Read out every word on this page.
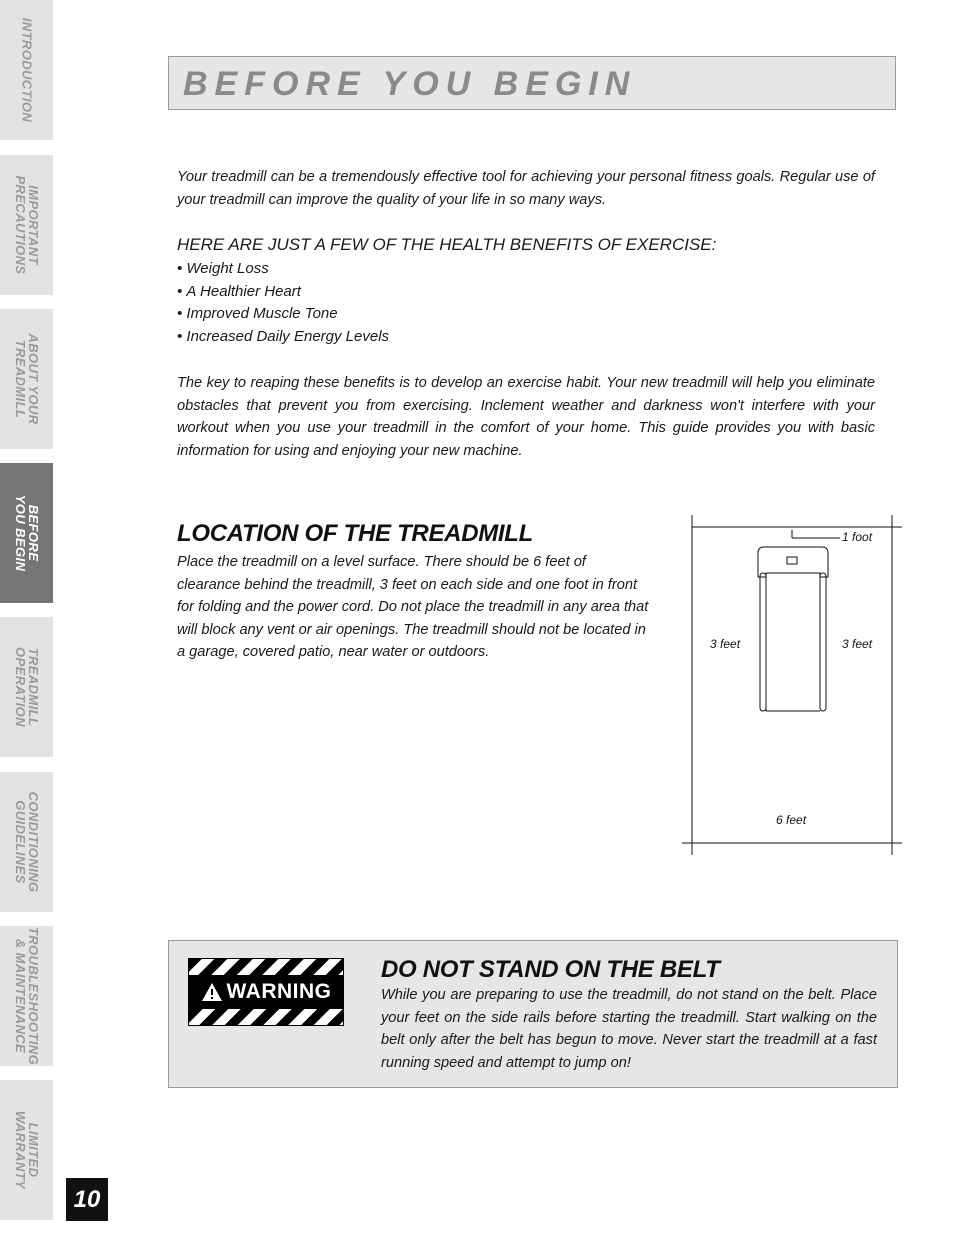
INTRODUCTION
IMPORTANT
PRECAUTIONS
ABOUT YOUR
TREADMILL
BEFORE
YOU BEGIN
TREADMILL
OPERATION
CONDITIONING
GUIDELINES
TROUBLESHOOTING
& MAINTENANCE
LIMITED
WARRANTY
10
BEFORE YOU BEGIN

Your treadmill can be a tremendously effective tool for achieving your personal fitness goals. Regular use of your treadmill can improve the quality of your life in so many ways.

HERE ARE JUST A FEW OF THE HEALTH BENEFITS OF EXERCISE:
• Weight Loss
• A Healthier Heart
• Improved Muscle Tone
• Increased Daily Energy Levels

The key to reaping these benefits is to develop an exercise habit. Your new treadmill will help you eliminate obstacles that prevent you from exercising. Inclement weather and darkness won't interfere with your workout when you use your treadmill in the comfort of your home. This guide provides you with basic information for using and enjoying your new machine.

LOCATION OF THE TREADMILL

Place the treadmill on a level surface. There should be 6 feet of clearance behind the treadmill, 3 feet on each side and one foot in front for folding and the power cord. Do not place the treadmill in any area that will block any vent or air openings. The treadmill should not be located in a garage, covered patio, near water or outdoors.

1 foot
3 feet	3 feet
6 feet
WARNING
DO NOT STAND ON THE BELT

While you are preparing to use the treadmill, do not stand on the belt. Place your feet on the side rails before starting the treadmill. Start walking on the belt only after the belt has begun to move. Never start the treadmill at a fast running speed and attempt to jump on!
